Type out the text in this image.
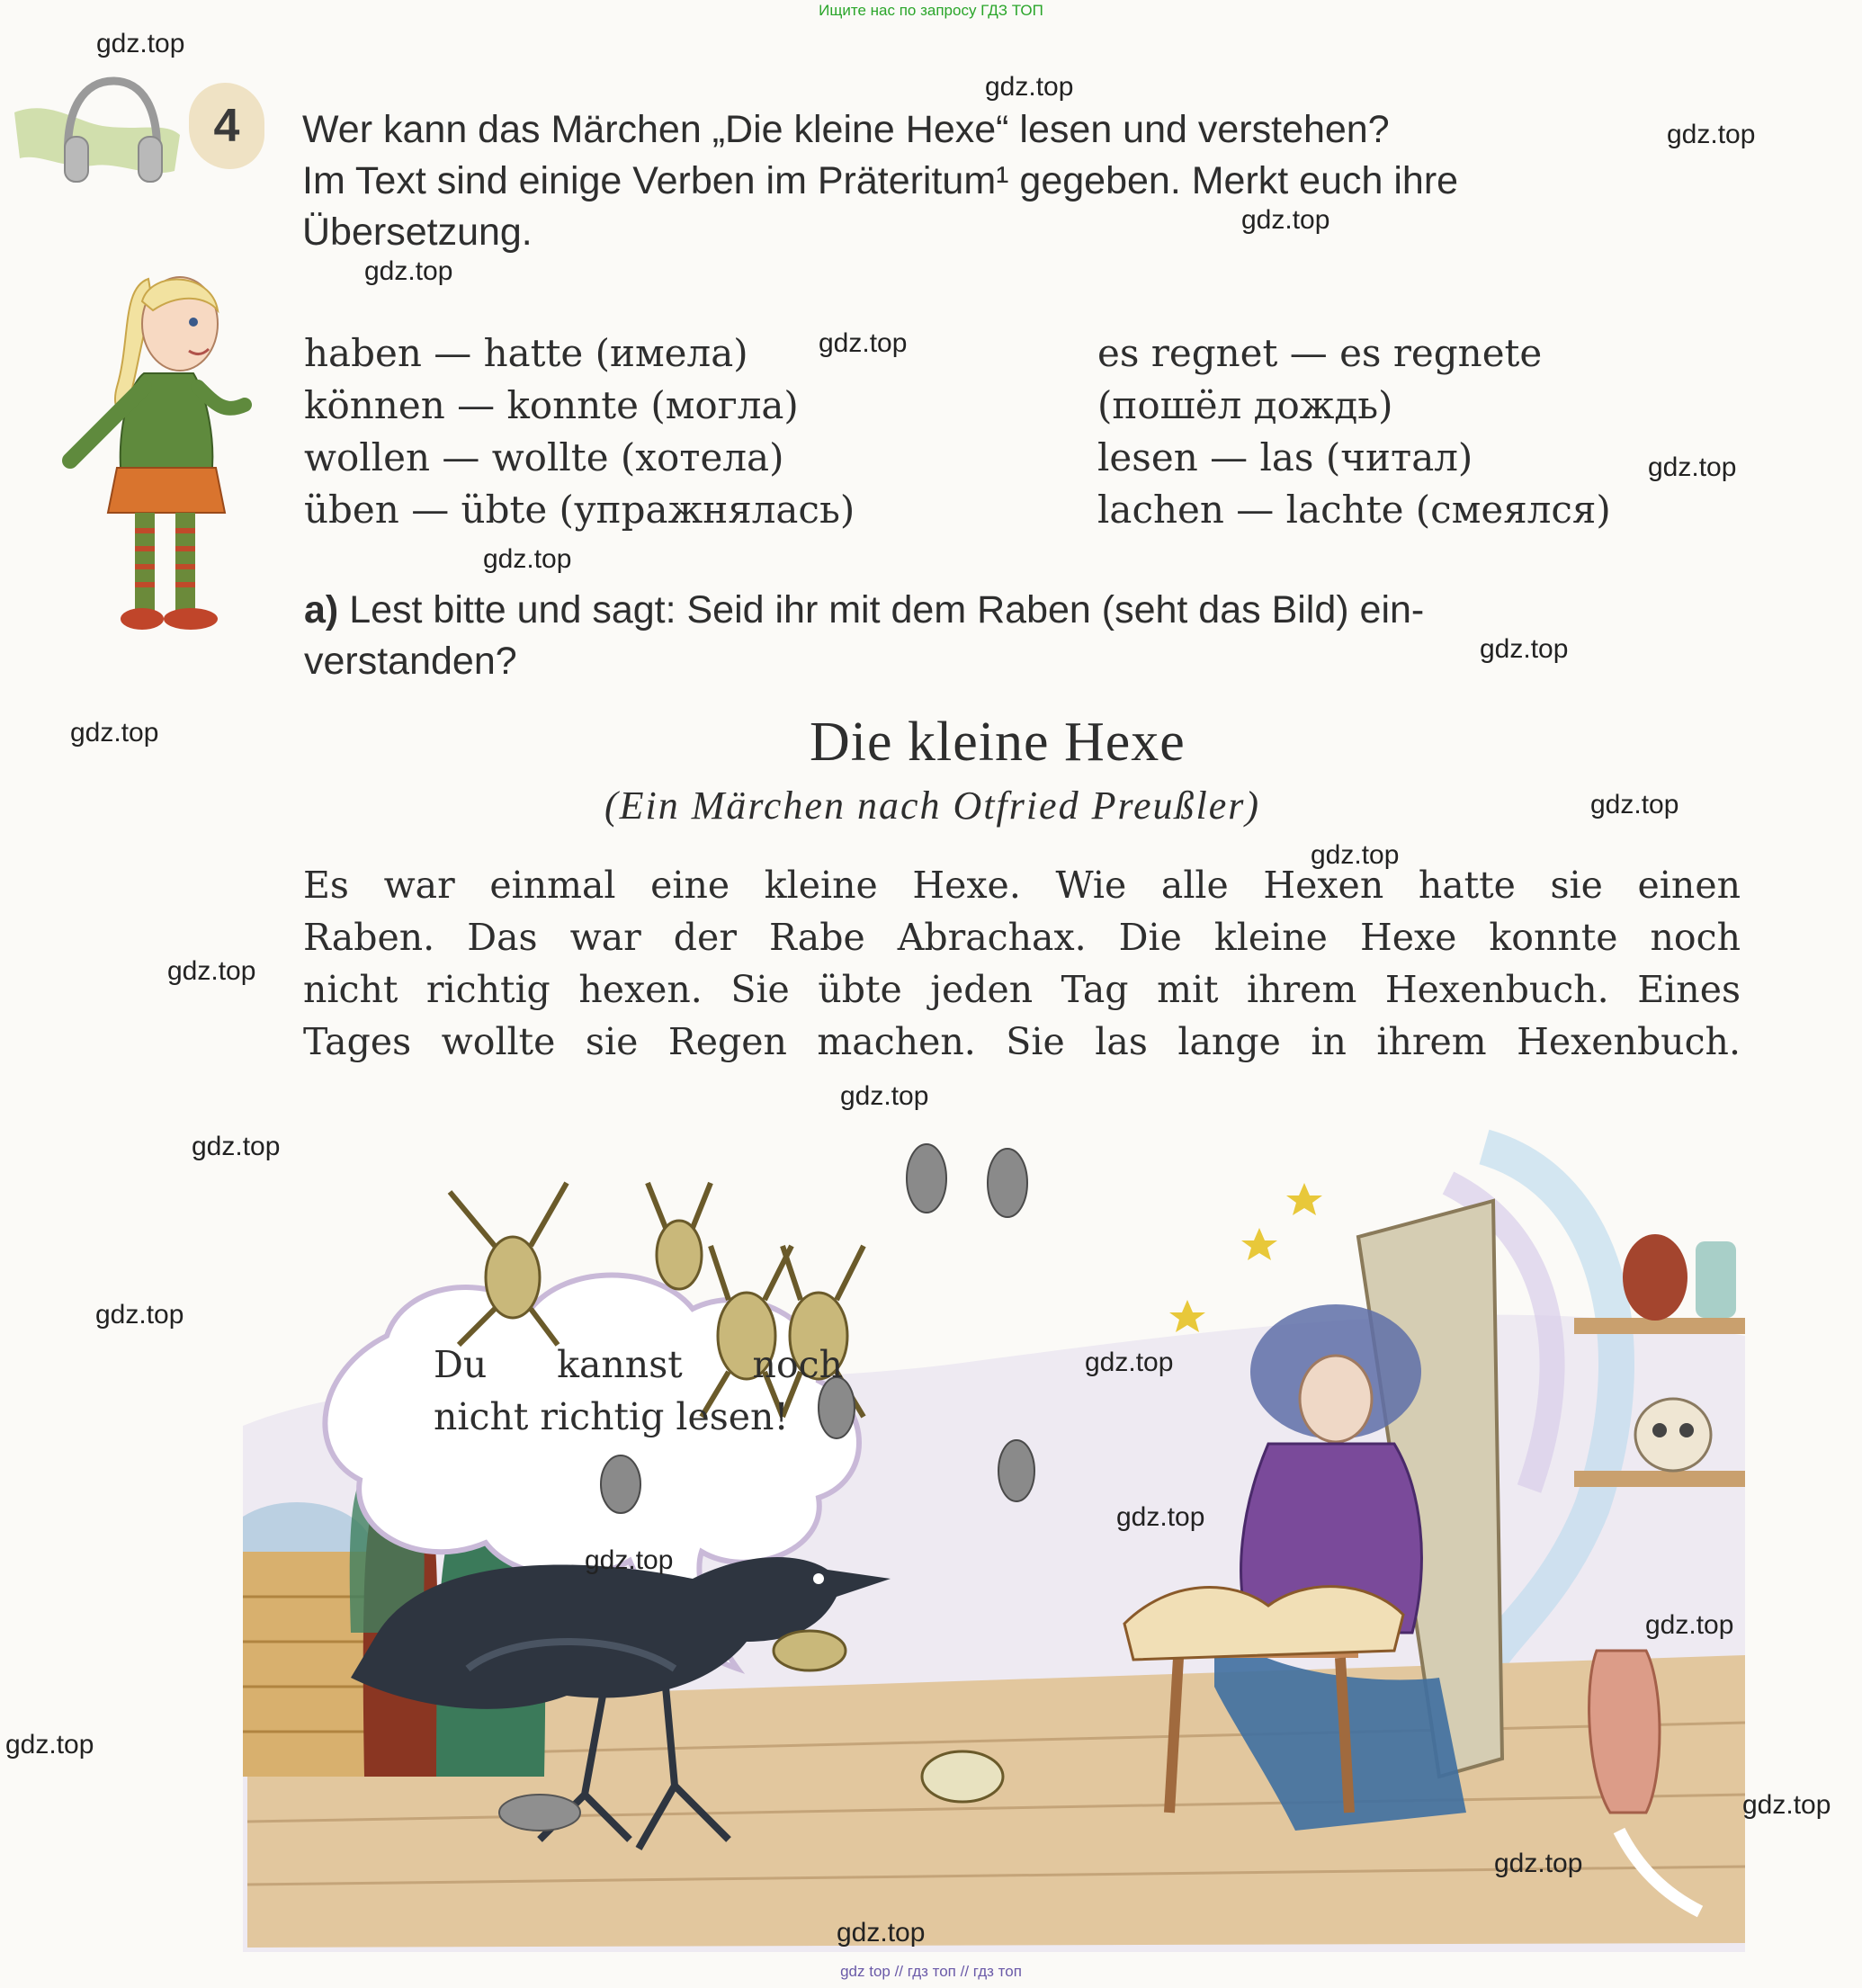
Ищите нас по запросу ГДЗ ТОП
gdz top // гдз топ // гдз топ
4	Wer kann das Märchen „Die kleine Hexe“ lesen und verstehen?
Im Text sind einige Verben im Präteritum¹ gegeben. Merkt euch ihre
Übersetzung.
haben — hatte (имела)
können — konnte (могла)
wollen — wollte (хотела)
üben — übte (упражнялась)
es regnet — es regnete
(пошёл дождь)
lesen — las (читал)
lachen — lachte (смеялся)
a) Lest bitte und sagt: Seid ihr mit dem Raben (seht das Bild) ein-
verstanden?
Die kleine Hexe
(Ein Märchen nach Otfried Preußler)
Es war einmal eine kleine Hexe. Wie alle Hexen hatte sie einen
Raben. Das war der Rabe Abrachax. Die kleine Hexe konnte noch
nicht richtig hexen. Sie übte jeden Tag mit ihrem Hexenbuch. Eines
Tages wollte sie Regen machen. Sie las lange in ihrem Hexenbuch.
Du kannst noch
nicht richtig lesen!
gdz.top
gdz.top
gdz.top
gdz.top
gdz.top
gdz.top
gdz.top
gdz.top
gdz.top
gdz.top
gdz.top
gdz.top
gdz.top
gdz.top
gdz.top
gdz.top
gdz.top
gdz.top
gdz.top
gdz.top
gdz.top
gdz.top
gdz.top
gdz.top
